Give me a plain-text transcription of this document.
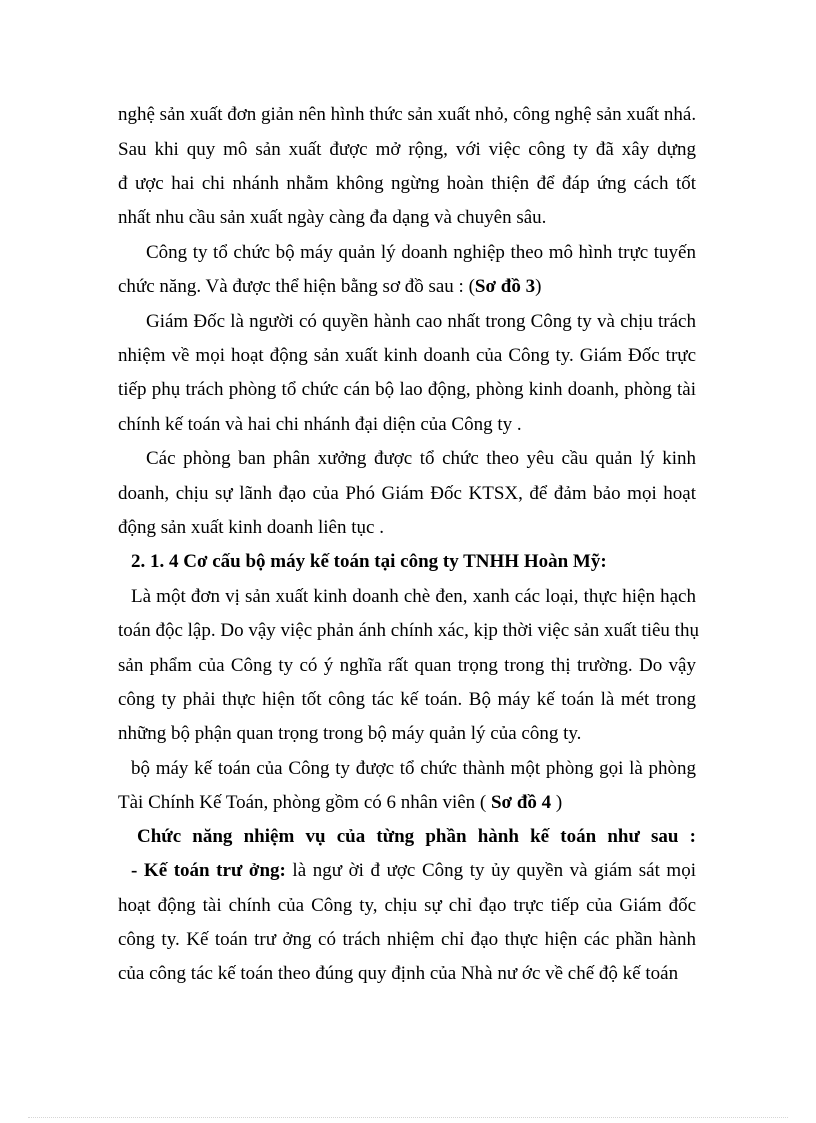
nghệ sản xuất đơn giản nên hình thức sản xuất nhỏ, công nghệ sản xuất nhá.
Sau khi quy mô sản xuất được mở rộng, với việc công ty đã xây dựng
đ ược hai chi nhánh nhằm không ngừng hoàn thiện để đáp ứng cách tốt
nhất nhu cầu sản xuất ngày càng đa dạng và chuyên sâu.
Công ty tổ chức bộ máy quản lý doanh nghiệp theo mô hình trực tuyến
chức năng. Và được thể hiện bằng sơ đồ sau : (Sơ đồ 3)
Giám Đốc là người có quyền hành cao nhất trong Công ty và chịu trách
nhiệm về mọi hoạt động sản xuất kinh doanh của Công ty. Giám Đốc trực
tiếp phụ trách phòng tổ chức cán bộ lao động, phòng kinh doanh, phòng tài
chính kế toán và hai chi nhánh đại diện của Công ty .
Các phòng ban phân xưởng được tổ chức theo yêu cầu quản lý kinh
doanh, chịu sự lãnh đạo của Phó Giám Đốc KTSX, để đảm bảo mọi hoạt
động sản xuất kinh doanh liên tục .
2. 1. 4 Cơ cấu bộ máy kế toán tại công ty TNHH Hoàn Mỹ:
Là một đơn vị sản xuất kinh doanh chè đen, xanh các loại, thực hiện hạch
toán độc lập. Do vậy việc phản ánh chính xác, kịp thời việc sản xuất tiêu thụ
sản phẩm của Công ty có ý nghĩa rất quan trọng trong thị trường. Do vậy
công ty phải thực hiện tốt công tác kế toán. Bộ máy kế toán là mét trong
những bộ phận quan trọng trong bộ máy quản lý của công ty.
bộ máy kế toán của Công ty được tổ chức thành một phòng gọi là phòng
Tài Chính Kế Toán, phòng gồm có 6 nhân viên ( Sơ đồ 4 )
Chức năng nhiệm vụ của từng phần hành kế toán như sau :
- Kế toán trư ởng: là ngư ời đ ược Công ty ủy quyền và giám sát mọi
hoạt động tài chính của Công ty, chịu sự chỉ đạo trực tiếp của Giám đốc
công ty. Kế toán trư ởng có trách nhiệm chỉ đạo thực hiện các phần hành
của công tác kế toán theo đúng quy định của Nhà nư ớc về chế độ kế toán
